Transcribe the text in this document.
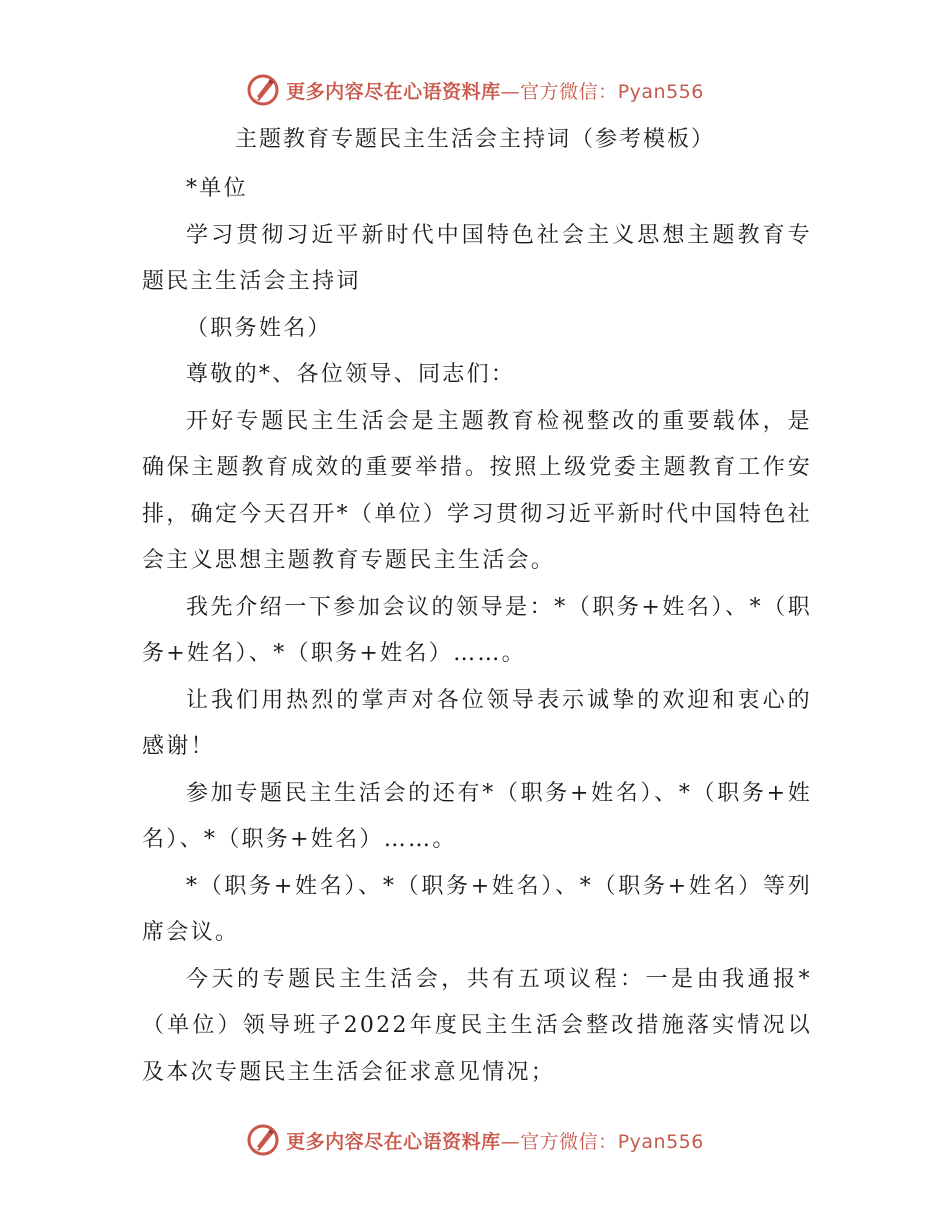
更多内容尽在心语资料库—官方微信：Pyan556
主题教育专题民主生活会主持词（参考模板）

*单位

学习贯彻习近平新时代中国特色社会主义思想主题教育专题民主生活会主持词

（职务姓名）

尊敬的*、各位领导、同志们：

开好专题民主生活会是主题教育检视整改的重要载体，是确保主题教育成效的重要举措。按照上级党委主题教育工作安排，确定今天召开*（单位）学习贯彻习近平新时代中国特色社会主义思想主题教育专题民主生活会。

我先介绍一下参加会议的领导是：*（职务+姓名）、*（职务+姓名）、*（职务+姓名）……。

让我们用热烈的掌声对各位领导表示诚挚的欢迎和衷心的感谢！

参加专题民主生活会的还有*（职务+姓名）、*（职务+姓名）、*（职务+姓名）……。

*（职务+姓名）、*（职务+姓名）、*（职务+姓名）等列席会议。

今天的专题民主生活会，共有五项议程：一是由我通报*（单位）领导班子2022年度民主生活会整改措施落实情况以及本次专题民主生活会征求意见情况；

更多内容尽在心语资料库—官方微信：Pyan556
